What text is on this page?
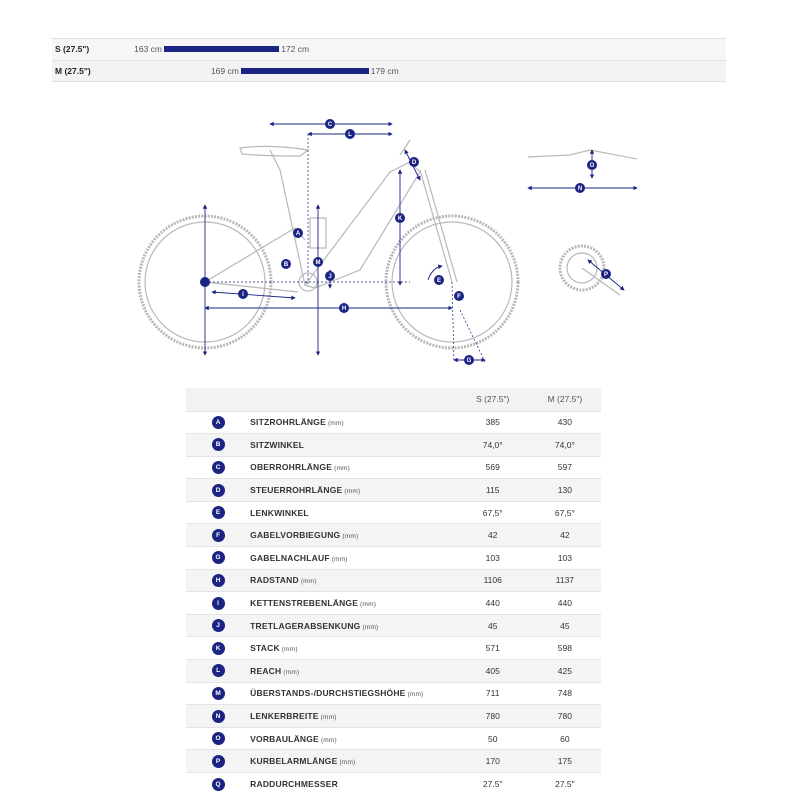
S (27.5")	163 cm	172 cm
M (27.5")	169 cm	179 cm
C
L
D
K
A
B	M
J
I
H
E
F
G
N
O
P
		S (27.5")	M (27.5")
A	SITZROHRLÄNGE (mm)	385	430
B	SITZWINKEL	74,0°	74,0°
C	OBERROHRLÄNGE (mm)	569	597
D	STEUERROHRLÄNGE (mm)	115	130
E	LENKWINKEL	67,5°	67,5°
F	GABELVORBIEGUNG (mm)	42	42
G	GABELNACHLAUF (mm)	103	103
H	RADSTAND (mm)	1106	1137
I	KETTENSTREBENLÄNGE (mm)	440	440
J	TRETLAGERABSENKUNG (mm)	45	45
K	STACK (mm)	571	598
L	REACH (mm)	405	425
M	ÜBERSTANDS-/DURCHSTIEGSHÖHE (mm)	711	748
N	LENKERBREITE (mm)	780	780
O	VORBAULÄNGE (mm)	50	60
P	KURBELARMLÄNGE (mm)	170	175
Q	RADDURCHMESSER	27.5"	27.5"
